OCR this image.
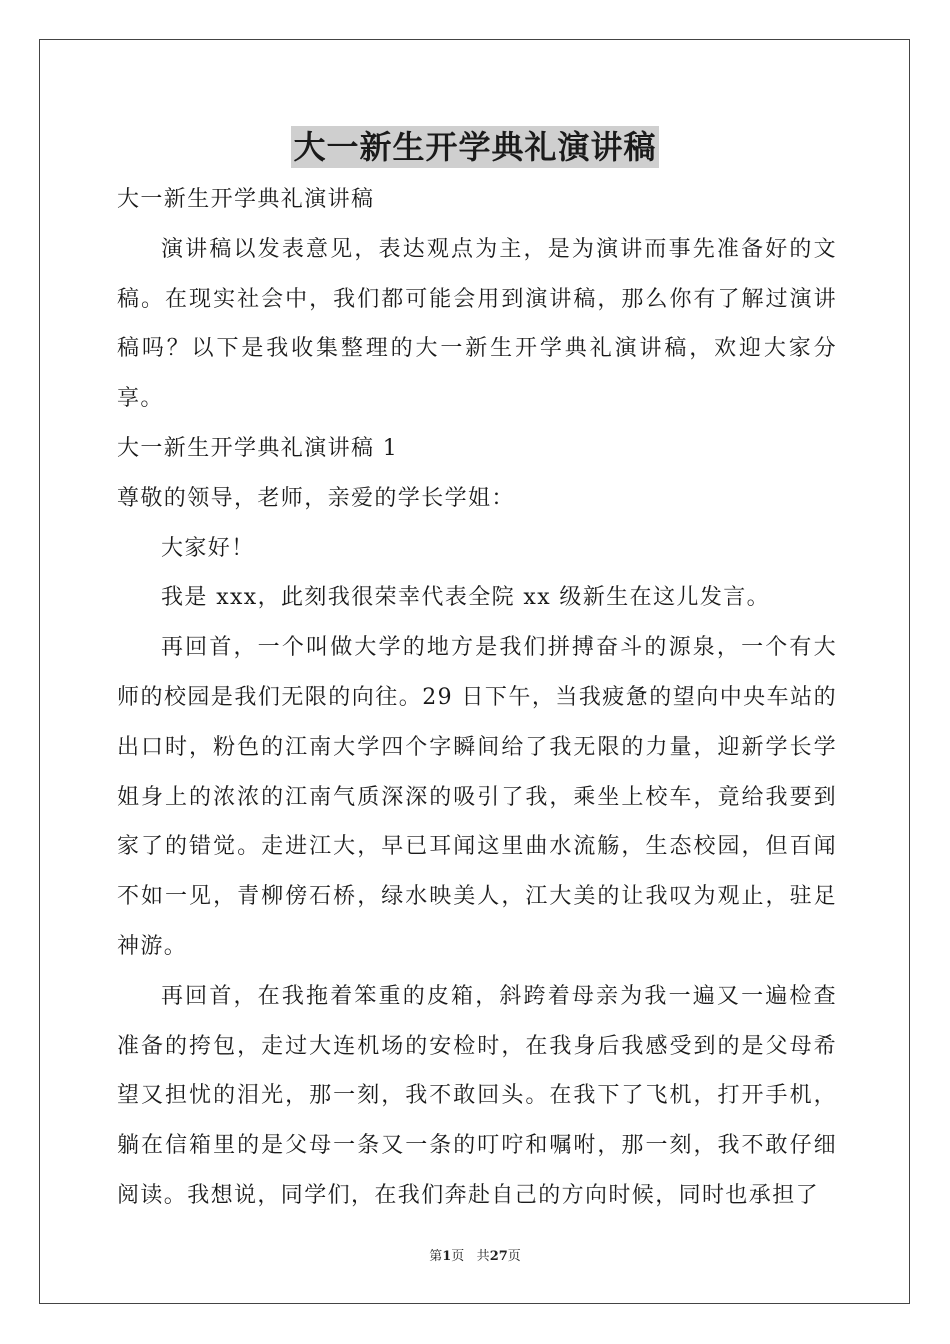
大一新生开学典礼演讲稿

大一新生开学典礼演讲稿

演讲稿以发表意见，表达观点为主，是为演讲而事先准备好的文稿。在现实社会中，我们都可能会用到演讲稿，那么你有了解过演讲稿吗？以下是我收集整理的大一新生开学典礼演讲稿，欢迎大家分享。

大一新生开学典礼演讲稿 1

尊敬的领导，老师，亲爱的学长学姐：

大家好！

我是 xxx，此刻我很荣幸代表全院 xx 级新生在这儿发言。

再回首，一个叫做大学的地方是我们拼搏奋斗的源泉，一个有大师的校园是我们无限的向往。29 日下午，当我疲惫的望向中央车站的出口时，粉色的江南大学四个字瞬间给了我无限的力量，迎新学长学姐身上的浓浓的江南气质深深的吸引了我，乘坐上校车，竟给我要到家了的错觉。走进江大，早已耳闻这里曲水流觞，生态校园，但百闻不如一见，青柳傍石桥，绿水映美人，江大美的让我叹为观止，驻足神游。

再回首，在我拖着笨重的皮箱，斜跨着母亲为我一遍又一遍检查准备的挎包，走过大连机场的安检时，在我身后我感受到的是父母希望又担忧的泪光，那一刻，我不敢回头。在我下了飞机，打开手机，躺在信箱里的是父母一条又一条的叮咛和嘱咐，那一刻，我不敢仔细阅读。我想说，同学们，在我们奔赴自己的方向时候，同时也承担了

第1页 共27页
